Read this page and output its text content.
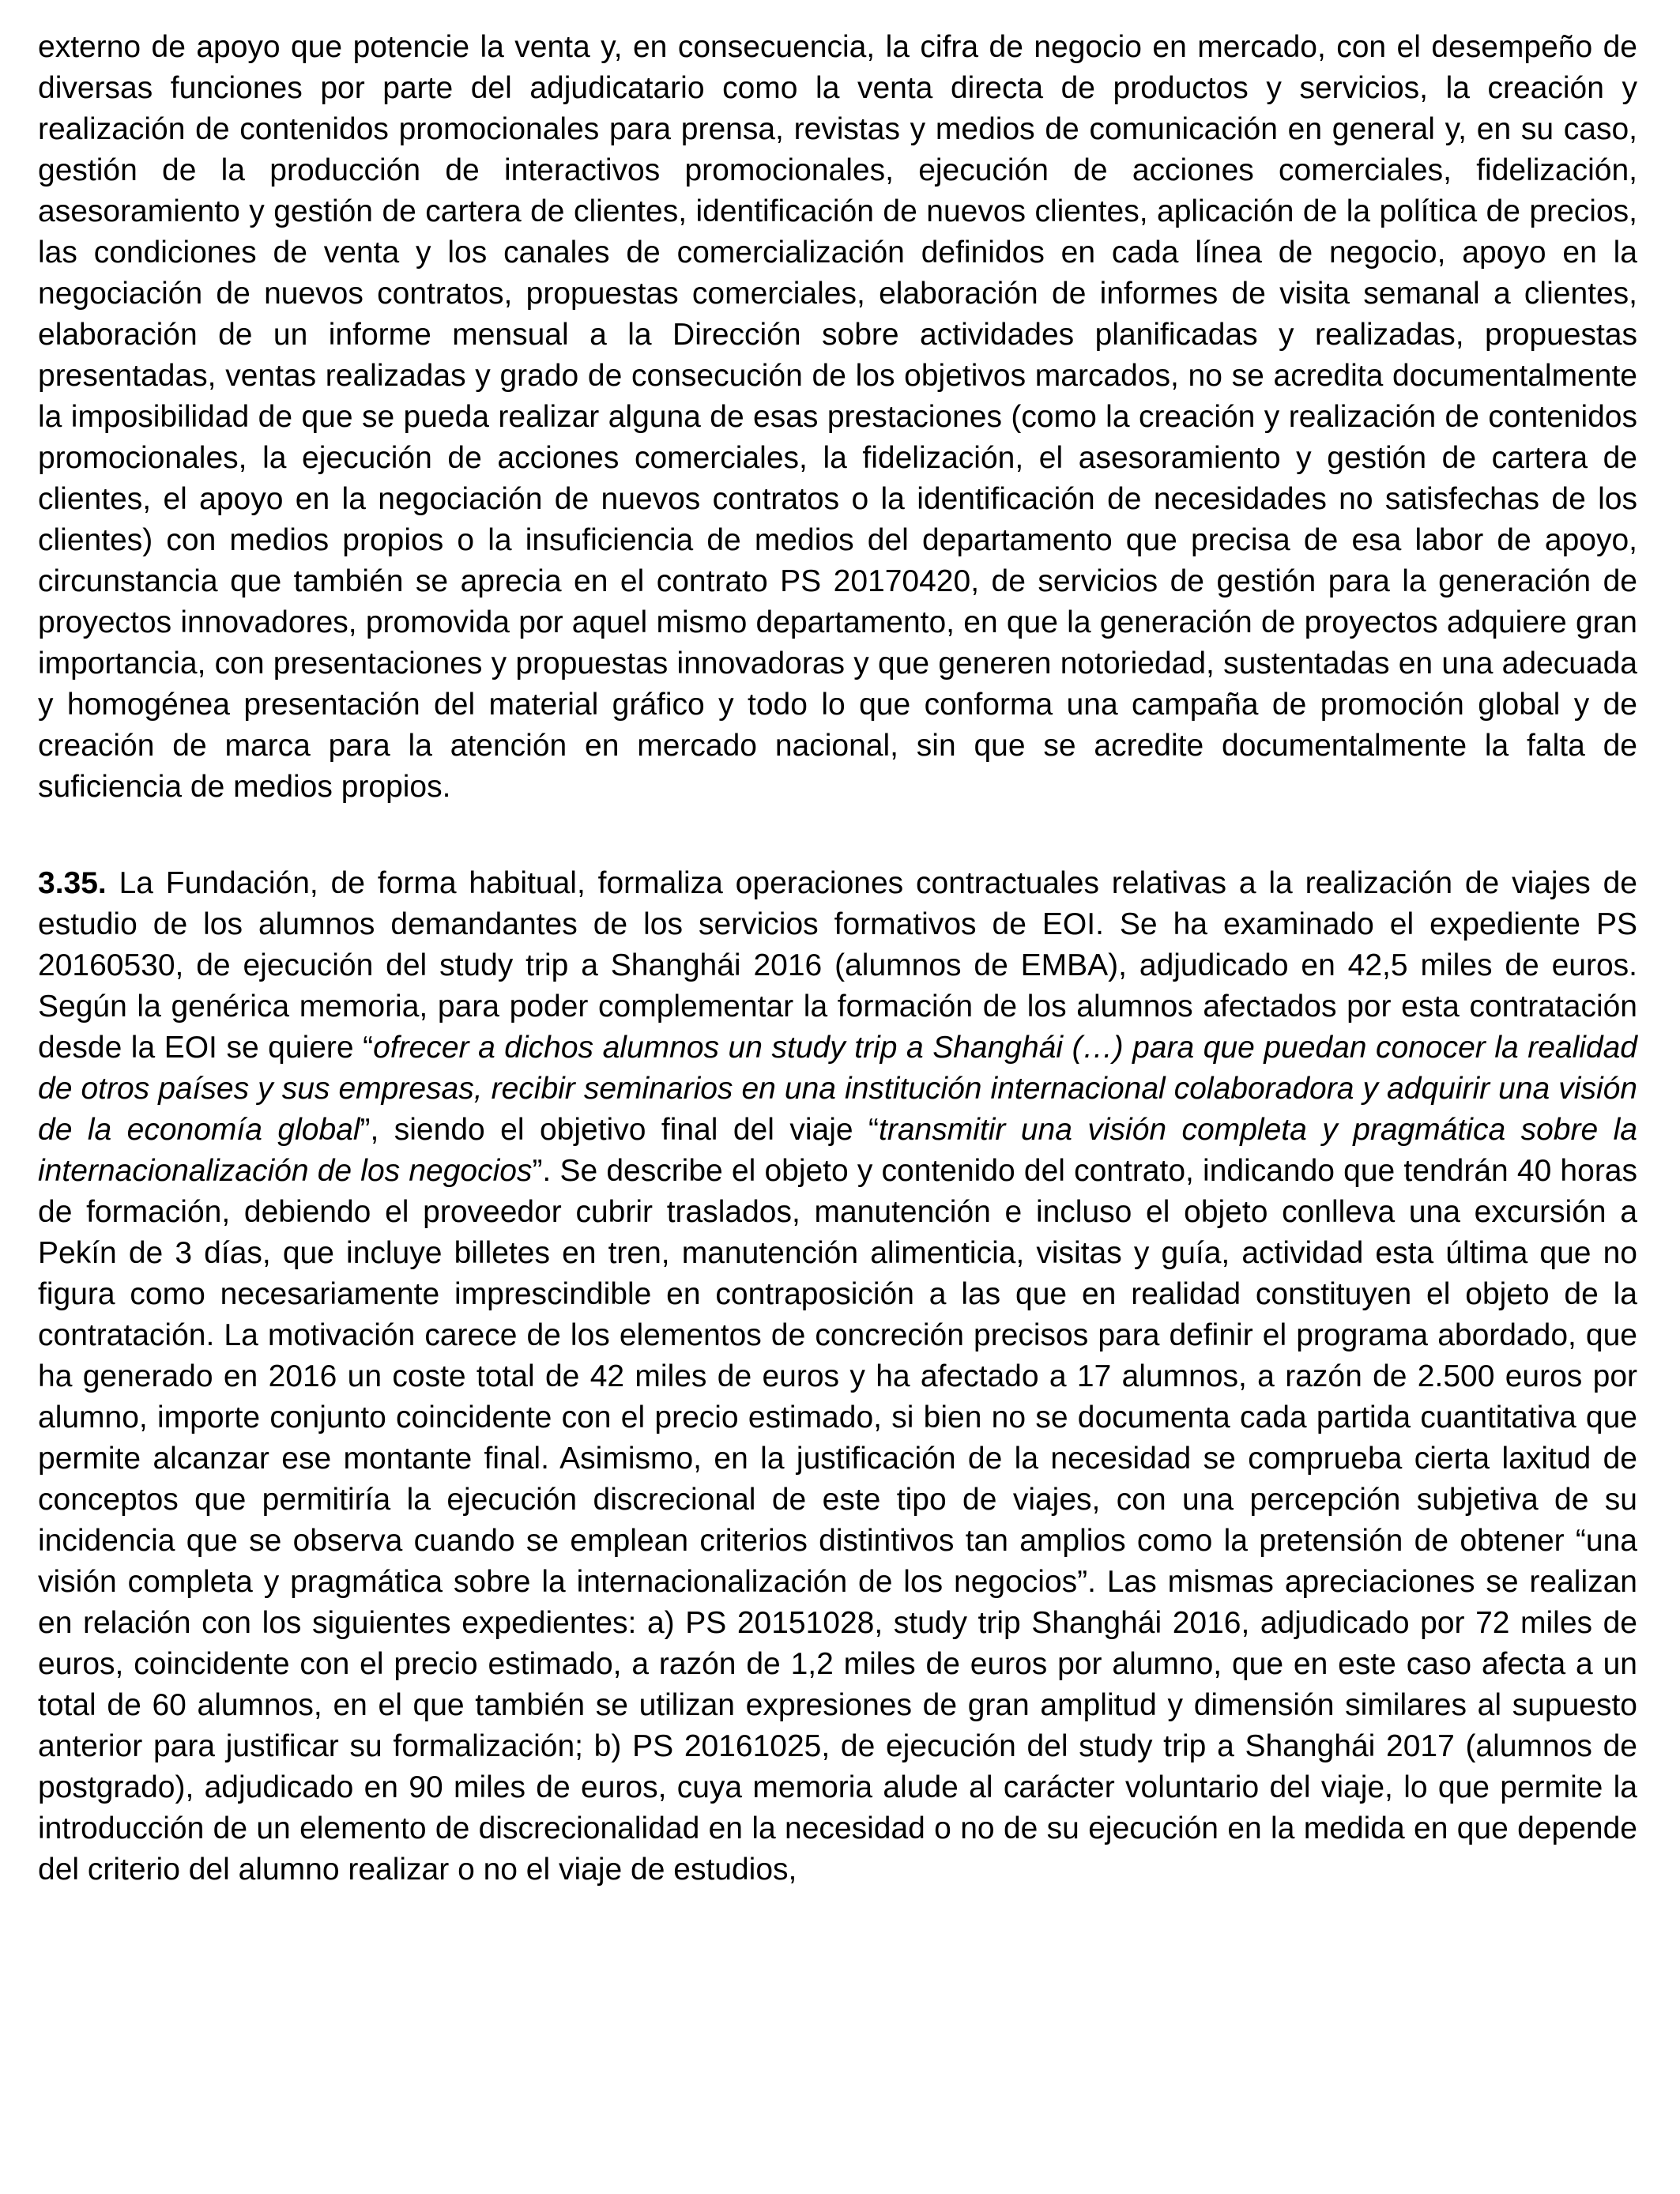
externo de apoyo que potencie la venta y, en consecuencia, la cifra de negocio en mercado, con el desempeño de diversas funciones por parte del adjudicatario como la venta directa de productos y servicios, la creación y realización de contenidos promocionales para prensa, revistas y medios de comunicación en general y, en su caso, gestión de la producción de interactivos promocionales, ejecución de acciones comerciales, fidelización, asesoramiento y gestión de cartera de clientes, identificación de nuevos clientes, aplicación de la política de precios, las condiciones de venta y los canales de comercialización definidos en cada línea de negocio, apoyo en la negociación de nuevos contratos, propuestas comerciales, elaboración de informes de visita semanal a clientes, elaboración de un informe mensual a la Dirección sobre actividades planificadas y realizadas, propuestas presentadas, ventas realizadas y grado de consecución de los objetivos marcados, no se acredita documentalmente la imposibilidad de que se pueda realizar alguna de esas prestaciones (como la creación y realización de contenidos promocionales, la ejecución de acciones comerciales, la fidelización, el asesoramiento y gestión de cartera de clientes, el apoyo en la negociación de nuevos contratos o la identificación de necesidades no satisfechas de los clientes) con medios propios o la insuficiencia de medios del departamento que precisa de esa labor de apoyo, circunstancia que también se aprecia en el contrato PS 20170420, de servicios de gestión para la generación de proyectos innovadores, promovida por aquel mismo departamento, en que la generación de proyectos adquiere gran importancia, con presentaciones y propuestas innovadoras y que generen notoriedad, sustentadas en una adecuada y homogénea presentación del material gráfico y todo lo que conforma una campaña de promoción global y de creación de marca para la atención en mercado nacional, sin que se acredite documentalmente la falta de suficiencia de medios propios.

3.35. La Fundación, de forma habitual, formaliza operaciones contractuales relativas a la realización de viajes de estudio de los alumnos demandantes de los servicios formativos de EOI. Se ha examinado el expediente PS 20160530, de ejecución del study trip a Shanghái 2016 (alumnos de EMBA), adjudicado en 42,5 miles de euros. Según la genérica memoria, para poder complementar la formación de los alumnos afectados por esta contratación desde la EOI se quiere “ofrecer a dichos alumnos un study trip a Shanghái (…) para que puedan conocer la realidad de otros países y sus empresas, recibir seminarios en una institución internacional colaboradora y adquirir una visión de la economía global”, siendo el objetivo final del viaje “transmitir una visión completa y pragmática sobre la internacionalización de los negocios”. Se describe el objeto y contenido del contrato, indicando que tendrán 40 horas de formación, debiendo el proveedor cubrir traslados, manutención e incluso el objeto conlleva una excursión a Pekín de 3 días, que incluye billetes en tren, manutención alimenticia, visitas y guía, actividad esta última que no figura como necesariamente imprescindible en contraposición a las que en realidad constituyen el objeto de la contratación. La motivación carece de los elementos de concreción precisos para definir el programa abordado, que ha generado en 2016 un coste total de 42 miles de euros y ha afectado a 17 alumnos, a razón de 2.500 euros por alumno, importe conjunto coincidente con el precio estimado, si bien no se documenta cada partida cuantitativa que permite alcanzar ese montante final. Asimismo, en la justificación de la necesidad se comprueba cierta laxitud de conceptos que permitiría la ejecución discrecional de este tipo de viajes, con una percepción subjetiva de su incidencia que se observa cuando se emplean criterios distintivos tan amplios como la pretensión de obtener “una visión completa y pragmática sobre la internacionalización de los negocios”. Las mismas apreciaciones se realizan en relación con los siguientes expedientes: a) PS 20151028, study trip Shanghái 2016, adjudicado por 72 miles de euros, coincidente con el precio estimado, a razón de 1,2 miles de euros por alumno, que en este caso afecta a un total de 60 alumnos, en el que también se utilizan expresiones de gran amplitud y dimensión similares al supuesto anterior para justificar su formalización; b) PS 20161025, de ejecución del study trip a Shanghái 2017 (alumnos de postgrado), adjudicado en 90 miles de euros, cuya memoria alude al carácter voluntario del viaje, lo que permite la introducción de un elemento de discrecionalidad en la necesidad o no de su ejecución en la medida en que depende del criterio del alumno realizar o no el viaje de estudios,
